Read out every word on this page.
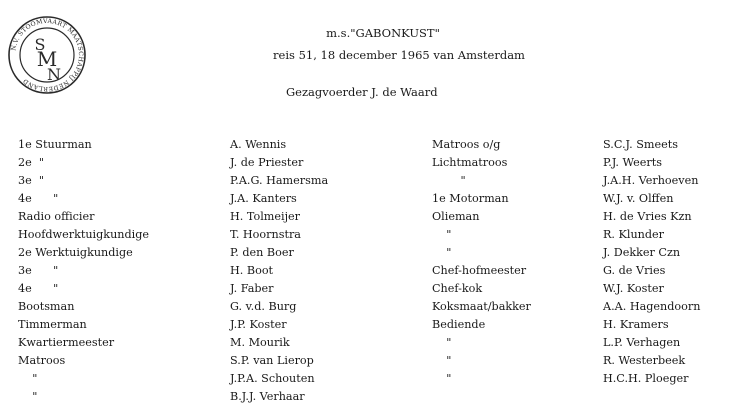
N.V. STOOMVAART MAATSCHAPPIJ NEDERLAND
S
M
N
m.s."GABONKUST"
reis 51, 18 december 1965 van Amsterdam
Gezagvoerder J. de Waard
1e Stuurman
2e  "
3e  "
4e      "
Radio officier
Hoofdwerktuigkundige
2e Werktuigkundige
3e      "
4e      "
Bootsman
Timmerman
Kwartiermeester
Matroos
"
"
A. Wennis
J. de Priester
P.A.G. Hamersma
J.A. Kanters
H. Tolmeijer
T. Hoornstra
P. den Boer
H. Boot
J. Faber
G. v.d. Burg
J.P. Koster
M. Mourik
S.P. van Lierop
J.P.A. Schouten
B.J.J. Verhaar
Matroos o/g
Lichtmatroos
"
1e Motorman
Olieman
"
"
Chef-hofmeester
Chef-kok
Koksmaat/bakker
Bediende
"
"
"
S.C.J. Smeets
P.J. Weerts
J.A.H. Verhoeven
W.J. v. Olffen
H. de Vries Kzn
R. Klunder
J. Dekker Czn
G. de Vries
W.J. Koster
A.A. Hagendoorn
H. Kramers
L.P. Verhagen
R. Westerbeek
H.C.H. Ploeger
